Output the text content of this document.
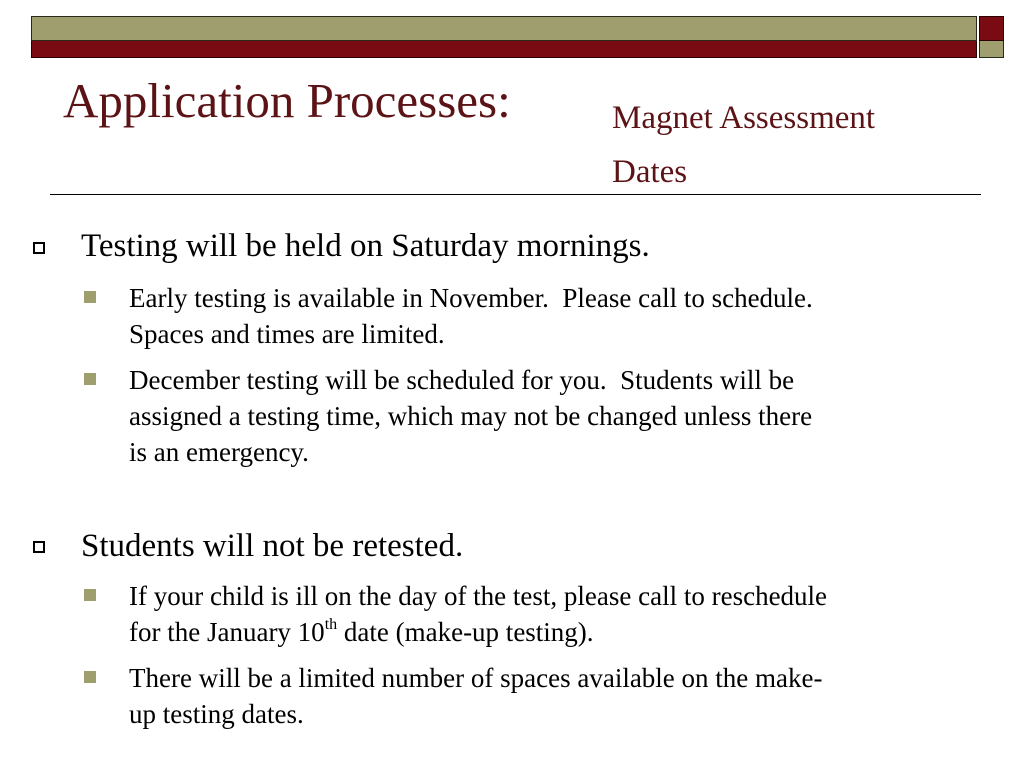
Application Processes:	Magnet Assessment
Dates
Testing will be held on Saturday mornings.
Early testing is available in November.  Please call to schedule.
Spaces and times are limited.
December testing will be scheduled for you.  Students will be
assigned a testing time, which may not be changed unless there
is an emergency.
Students will not be retested.
If your child is ill on the day of the test, please call to reschedule
for the January 10th date (make-up testing).
There will be a limited number of spaces available on the make-
up testing dates.
